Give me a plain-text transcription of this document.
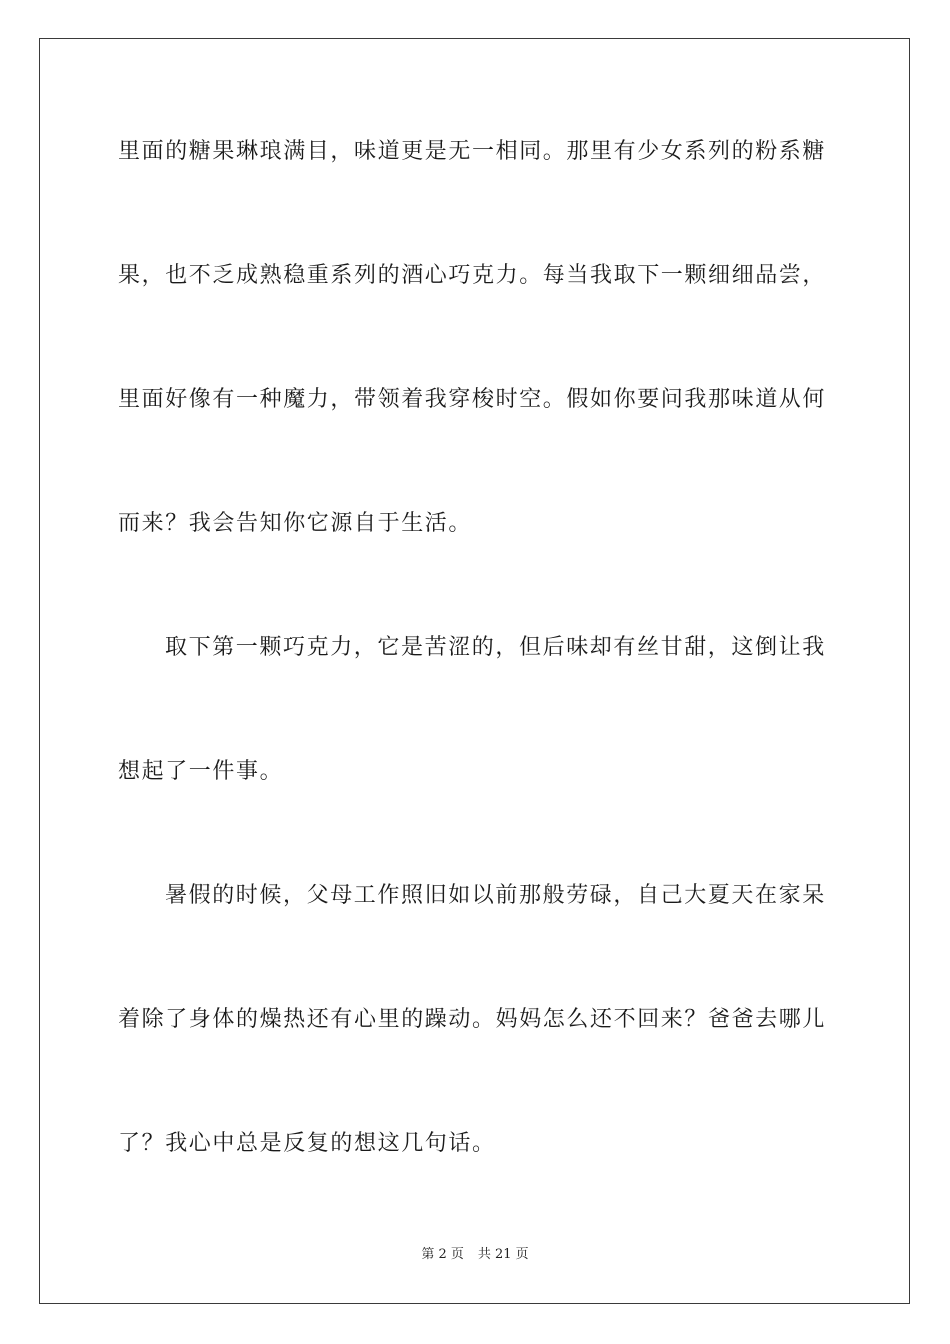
里面的糖果琳琅满目，味道更是无一相同。那里有少女系列的粉系糖
果，也不乏成熟稳重系列的酒心巧克力。每当我取下一颗细细品尝，
里面好像有一种魔力，带领着我穿梭时空。假如你要问我那味道从何
而来？我会告知你它源自于生活。
取下第一颗巧克力，它是苦涩的，但后味却有丝甘甜，这倒让我
想起了一件事。
暑假的时候，父母工作照旧如以前那般劳碌，自己大夏天在家呆
着除了身体的燥热还有心里的躁动。妈妈怎么还不回来？爸爸去哪儿
了？我心中总是反复的想这几句话。
第 2 页 共 21 页
